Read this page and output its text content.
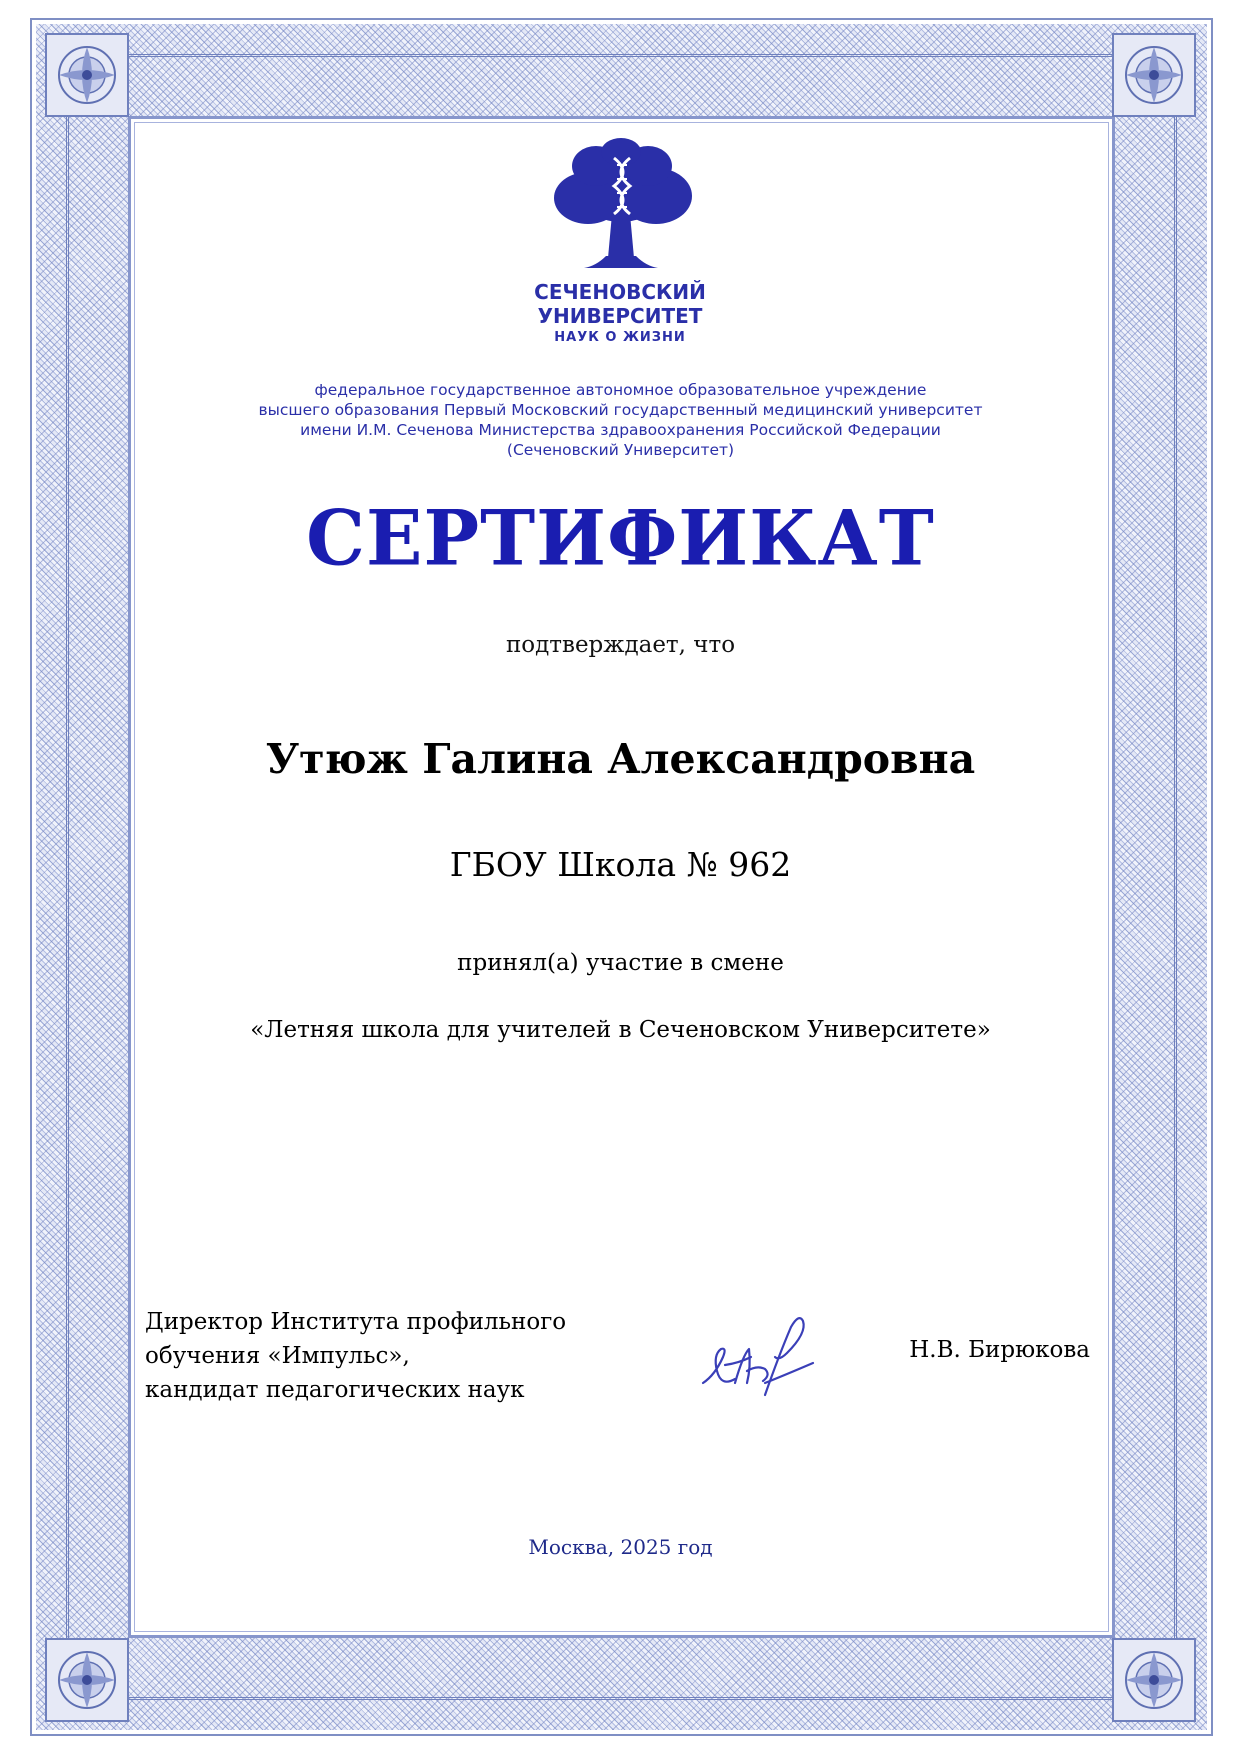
СЕЧЕНОВСКИЙ
УНИВЕРСИТЕТ
НАУК О ЖИЗНИ
федеральное государственное автономное образовательное учреждение
высшего образования Первый Московский государственный медицинский университет
имени И.М. Сеченова Министерства здравоохранения Российской Федерации
(Сеченовский Университет)
СЕРТИФИКАТ
подтверждает, что
Утюж Галина Александровна
ГБОУ Школа № 962
принял(а) участие в смене
«Летняя школа для учителей в Сеченовском Университете»
Директор Института профильного
обучения «Импульс»,
кандидат педагогических наук
Н.В. Бирюкова
Москва, 2025 год
